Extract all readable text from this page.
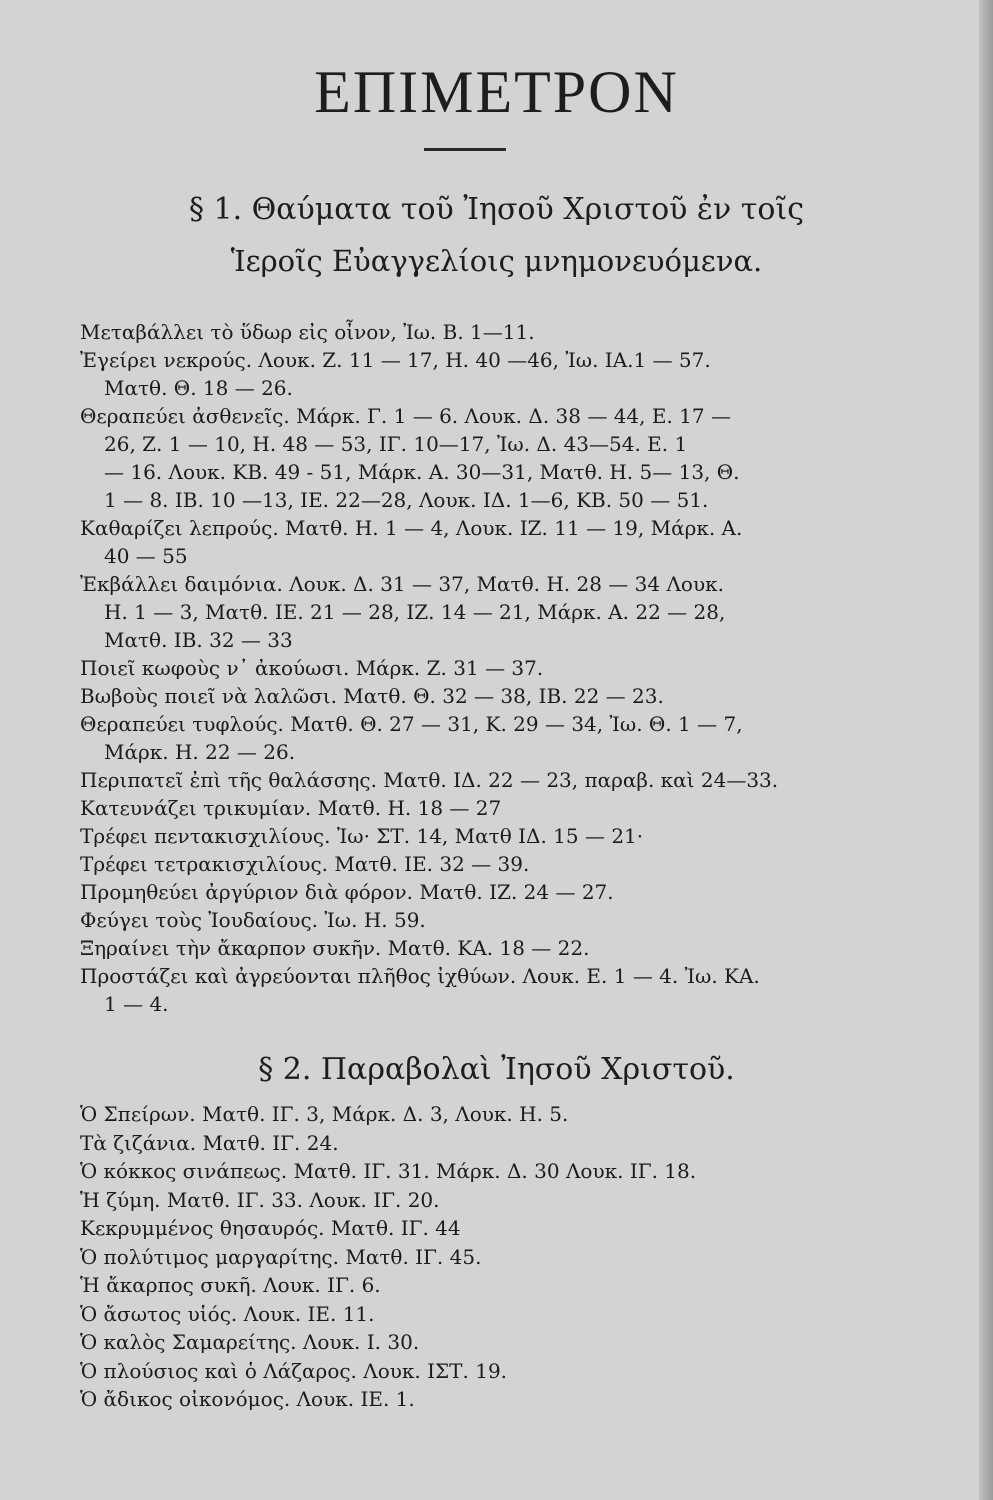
ΕΠΙΜΕΤΡΟΝ
§ 1. Θαύματα τοῦ Ἰησοῦ Χριστοῦ ἐν τοῖς
Ἱεροῖς Εὐαγγελίοις μνημονευόμενα.
Μεταβάλλει τὸ ὕδωρ εἰς οἶνον, Ἰω. Β. 1—11.
Ἐγείρει νεκρούς. Λουκ. Ζ. 11 — 17, Η. 40 —46, Ἰω. ΙΑ.1 — 57.
Ματθ. Θ. 18 — 26.
Θεραπεύει ἀσθενεῖς. Μάρκ. Γ. 1 — 6. Λουκ. Δ. 38 — 44, Ε. 17 —
26, Ζ. 1 — 10, Η. 48 — 53, ΙΓ. 10—17, Ἰω. Δ. 43—54. Ε. 1
— 16. Λουκ. ΚΒ. 49 - 51, Μάρκ. Α. 30—31, Ματθ. Η. 5— 13, Θ.
1 — 8. ΙΒ. 10 —13, ΙΕ. 22—28, Λουκ. ΙΔ. 1—6, ΚΒ. 50 — 51.
Καθαρίζει λεπρούς. Ματθ. Η. 1 — 4, Λουκ. ΙΖ. 11 — 19, Μάρκ. Α.
40 — 55
Ἐκβάλλει δαιμόνια. Λουκ. Δ. 31 — 37, Ματθ. Η. 28 — 34 Λουκ.
Η. 1 — 3, Ματθ. ΙΕ. 21 — 28, ΙΖ. 14 — 21, Μάρκ. Α. 22 — 28,
Ματθ. ΙΒ. 32 — 33
Ποιεῖ κωφοὺς ν᾽ ἀκούωσι. Μάρκ. Ζ. 31 — 37.
Βωβοὺς ποιεῖ νὰ λαλῶσι. Ματθ. Θ. 32 — 38, ΙΒ. 22 — 23.
Θεραπεύει τυφλούς. Ματθ. Θ. 27 — 31, Κ. 29 — 34, Ἰω. Θ. 1 — 7,
Μάρκ. Η. 22 — 26.
Περιπατεῖ ἐπὶ τῆς θαλάσσης. Ματθ. ΙΔ. 22 — 23, παραβ. καὶ 24—33.
Κατευνάζει τρικυμίαν. Ματθ. Η. 18 — 27
Τρέφει πεντακισχιλίους. Ἰω· ΣΤ. 14, Ματθ ΙΔ. 15 — 21·
Τρέφει τετρακισχιλίους. Ματθ. ΙΕ. 32 — 39.
Προμηθεύει ἀργύριον διὰ φόρον. Ματθ. ΙΖ. 24 — 27.
Φεύγει τοὺς Ἰουδαίους. Ἰω. Η. 59.
Ξηραίνει τὴν ἄκαρπον συκῆν. Ματθ. ΚΑ. 18 — 22.
Προστάζει καὶ ἀγρεύονται πλῆθος ἰχθύων. Λουκ. Ε. 1 — 4. Ἰω. ΚΑ.
1 — 4.
§ 2. Παραβολαὶ Ἰησοῦ Χριστοῦ.
Ὁ Σπείρων. Ματθ. ΙΓ. 3, Μάρκ. Δ. 3, Λουκ. Η. 5.
Τὰ ζιζάνια. Ματθ. ΙΓ. 24.
Ὁ κόκκος σινάπεως. Ματθ. ΙΓ. 31. Μάρκ. Δ. 30 Λουκ. ΙΓ. 18.
Ἡ ζύμη. Ματθ. ΙΓ. 33. Λουκ. ΙΓ. 20.
Κεκρυμμένος θησαυρός. Ματθ. ΙΓ. 44
Ὁ πολύτιμος μαργαρίτης. Ματθ. ΙΓ. 45.
Ἡ ἄκαρπος συκῆ. Λουκ. ΙΓ. 6.
Ὁ ἄσωτος υἱός. Λουκ. ΙΕ. 11.
Ὁ καλὸς Σαμαρείτης. Λουκ. Ι. 30.
Ὁ πλούσιος καὶ ὁ Λάζαρος. Λουκ. ΙΣΤ. 19.
Ὁ ἄδικος οἰκονόμος. Λουκ. ΙΕ. 1.
